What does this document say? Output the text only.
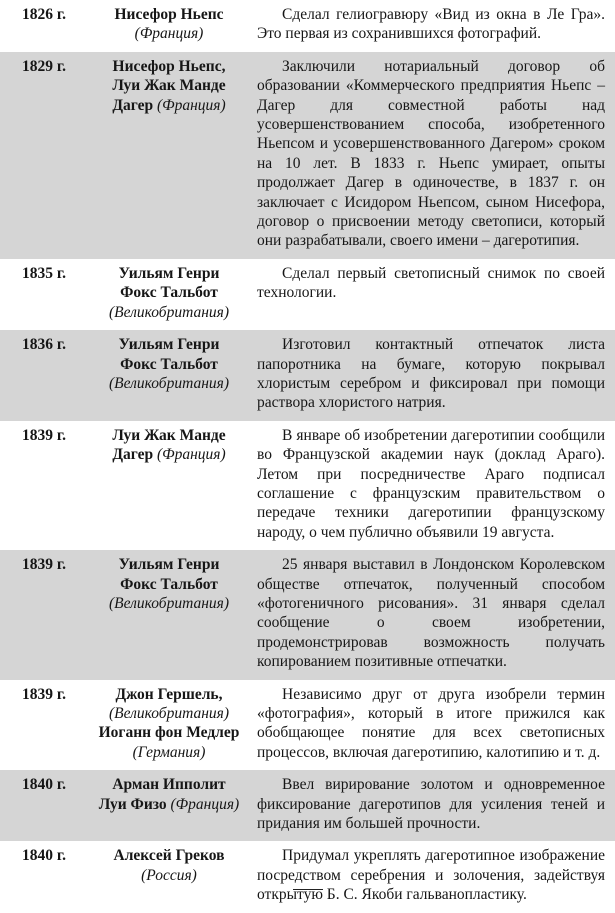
1826 г.	Нисефор Ньепс
(Франция)
Сделал гелиогравюру «Вид из окна в Ле Гра». Это первая из сохранившихся фотографий.
1829 г.	Нисефор Ньепс,
Луи Жак Манде
Дагер (Франция)
Заключили нотариальный договор об образовании «Коммерческого предприятия Ньепс – Дагер для совместной работы над усовершенствованием способа, изобретенного Ньепсом и усовершенствованного Дагером» сроком на 10 лет. В 1833 г. Ньепс умирает, опыты продолжает Дагер в одиночестве, в 1837 г. он заключает с Исидором Ньепсом, сыном Нисефора, договор о присвоении методу светописи, который они разрабатывали, своего имени – дагеротипия.
1835 г.	Уильям Генри
Фокс Тальбот
(Великобритания)
Сделал первый светописный снимок по своей технологии.
1836 г.	Уильям Генри
Фокс Тальбот
(Великобритания)
Изготовил контактный отпечаток листа папоротника на бумаге, которую покрывал хлористым серебром и фиксировал при помощи раствора хлористого натрия.
1839 г.	Луи Жак Манде
Дагер (Франция)
В январе об изобретении дагеротипии сообщили во Французской академии наук (доклад Араго). Летом при посредничестве Араго подписал соглашение с французским правительством о передаче техники дагеротипии французскому народу, о чем публично объявили 19 августа.
1839 г.	Уильям Генри
Фокс Тальбот
(Великобритания)
25 января выставил в Лондонском Королевском обществе отпечаток, полученный способом «фотогеничного рисования». 31 января сделал сообщение о своем изобретении, продемонстрировав возможность получать копированием позитивные отпечатки.
1839 г.	Джон Гершель,
(Великобритания)
Иоганн фон Медлер
(Германия)
Независимо друг от друга изобрели термин «фотография», который в итоге прижился как обобщающее понятие для всех светописных процессов, включая дагеротипию, калотипию и т. д.
1840 г.	Арман Ипполит
Луи Физо (Франция)
Ввел вирирование золотом и одновременное фиксирование дагеротипов для усиления теней и придания им большей прочности.
1840 г.	Алексей Греков
(Россия)
Придумал укреплять дагеротипное изображение посредством серебрения и золочения, задействуя открытую Б. С. Якоби гальванопластику.
